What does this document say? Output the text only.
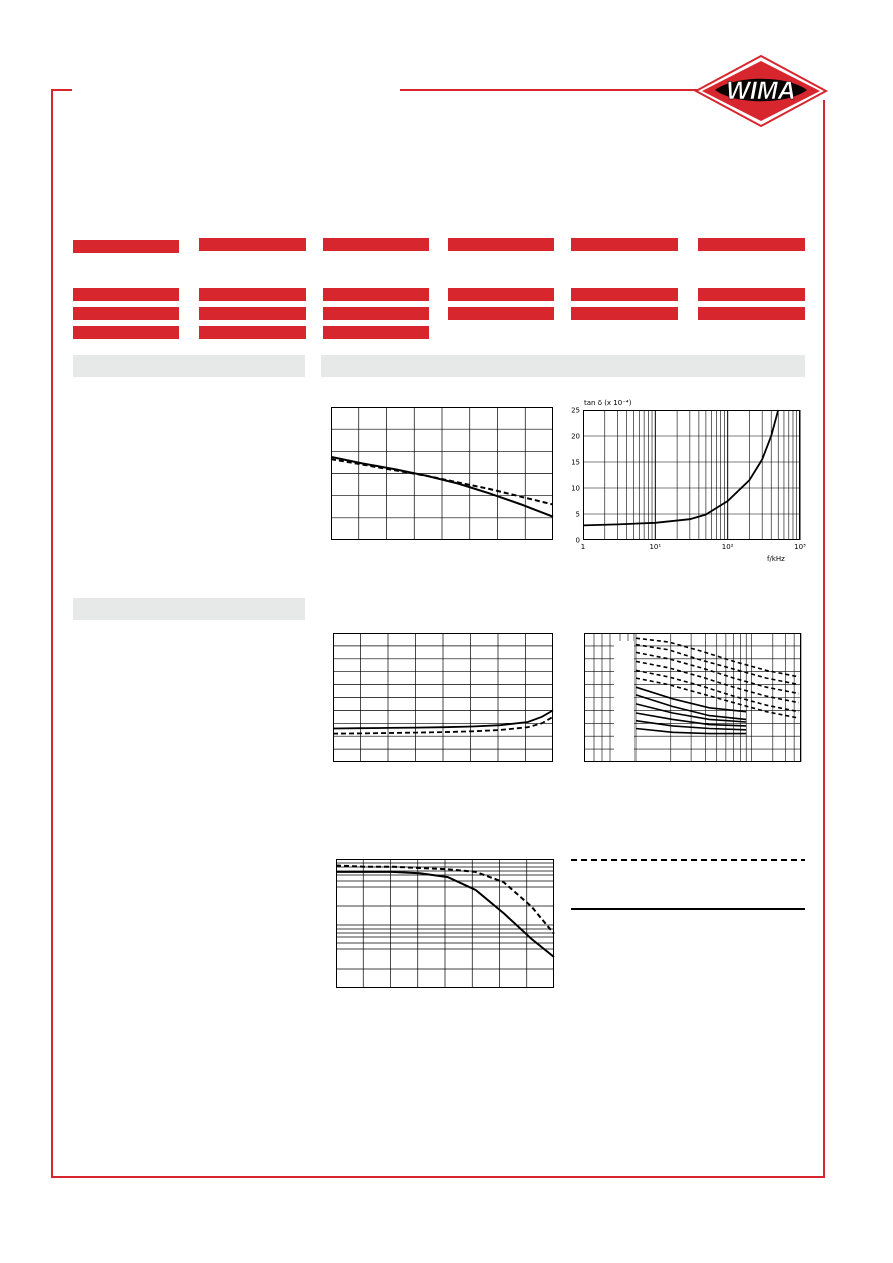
WIMA
tan δ (x 10⁻⁴)
f/kHz
0
5
10
15
20
25
1	10¹	10²	10³
